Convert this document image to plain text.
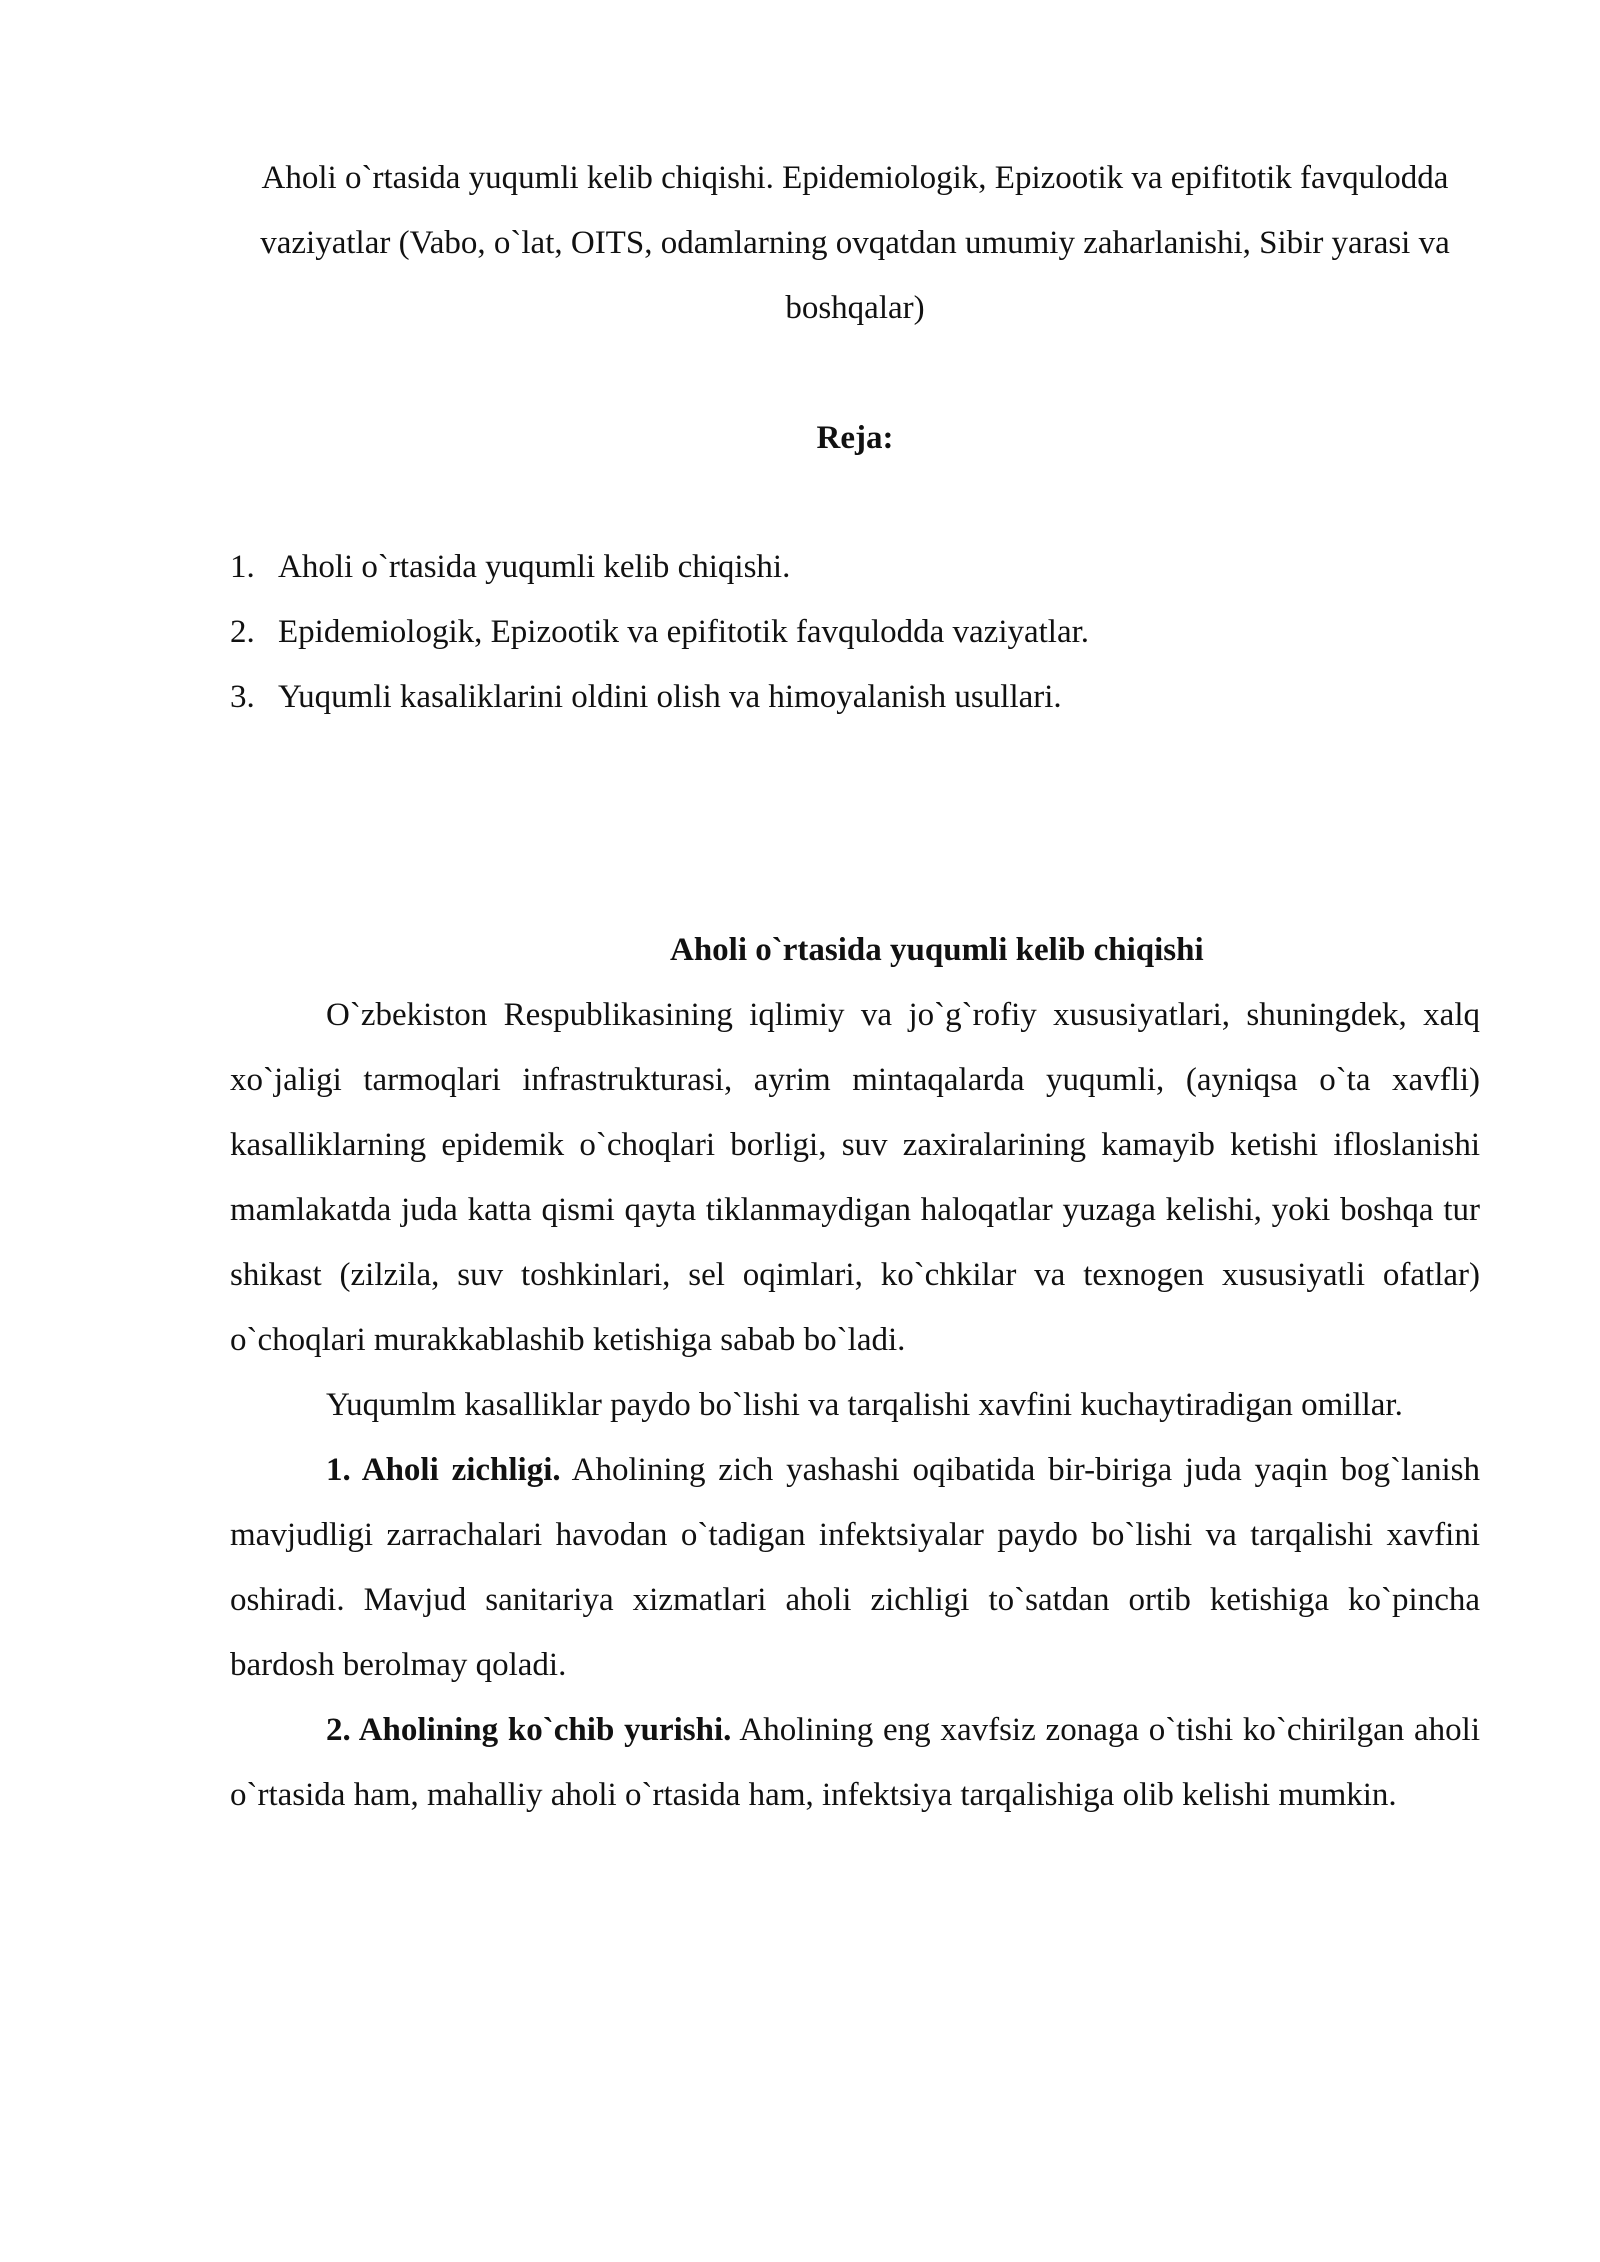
Aholi o`rtasida yuqumli kelib chiqishi. Epidemiologik, Epizootik va epifitotik favqulodda vaziyatlar (Vabo, o`lat, OITS, odamlarning ovqatdan umumiy zaharlanishi, Sibir yarasi va boshqalar)
Reja:
1. Aholi o`rtasida yuqumli kelib chiqishi.
2. Epidemiologik, Epizootik va epifitotik favqulodda vaziyatlar.
3. Yuqumli kasaliklarini oldini olish va himoyalanish usullari.
Aholi o`rtasida yuqumli kelib chiqishi

O`zbekiston Respublikasining iqlimiy va jo`g`rofiy xususiyatlari, shuningdek, xalq xo`jaligi tarmoqlari infrastrukturasi, ayrim mintaqalarda yuqumli, (ayniqsa o`ta xavfli) kasalliklarning epidemik o`choqlari borligi, suv zaxiralarining kamayib ketishi ifloslanishi mamlakatda juda katta qismi qayta tiklanmaydigan haloqatlar yuzaga kelishi, yoki boshqa tur shikast (zilzila, suv toshkinlari, sel oqimlari, ko`chkilar va texnogen xususiyatli ofatlar) o`choqlari murakkablashib ketishiga sabab bo`ladi.

Yuqumlm kasalliklar paydo bo`lishi va tarqalishi xavfini kuchaytiradigan omillar.

1. Aholi zichligi. Aholining zich yashashi oqibatida bir-biriga juda yaqin bog`lanish mavjudligi zarrachalari havodan o`tadigan infektsiyalar paydo bo`lishi va tarqalishi xavfini oshiradi. Mavjud sanitariya xizmatlari aholi zichligi to`satdan ortib ketishiga ko`pincha bardosh berolmay qoladi.

2. Aholining ko`chib yurishi. Aholining eng xavfsiz zonaga o`tishi ko`chirilgan aholi o`rtasida ham, mahalliy aholi o`rtasida ham, infektsiya tarqalishiga olib kelishi mumkin.
